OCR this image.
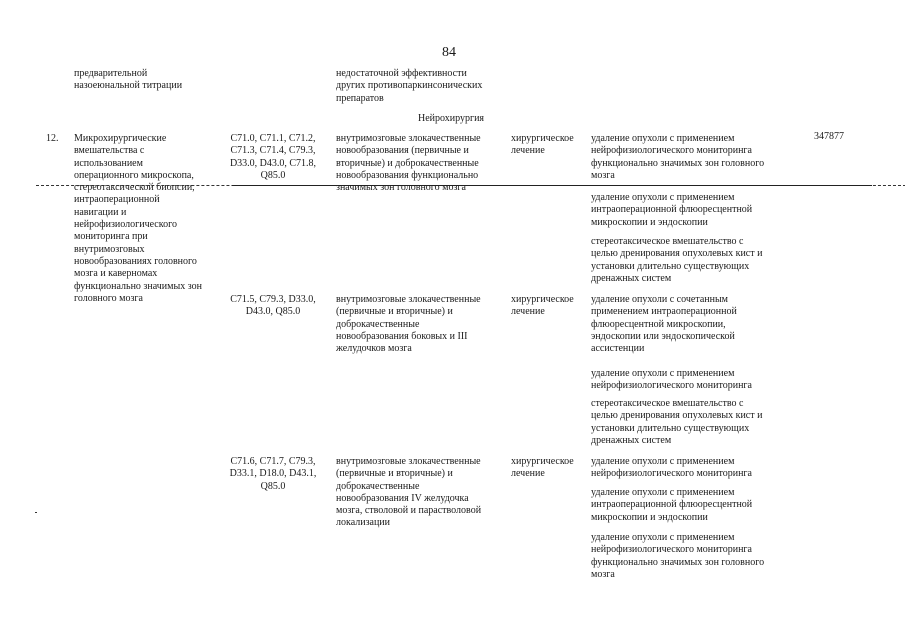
84
предварительной
назоеюнальной титрации
недостаточной эффективности
других противопаркинсонических
препаратов
Нейрохирургия
12. Микрохирургические
вмешательства с
использованием
операционного микроскопа,
стереотаксической биопсии,
интраоперационной
навигации и
нейрофизиологического
мониторинга при
внутримозговых
новообразованиях головного
мозга и каверномах
функционально значимых зон
головного мозга
347877
C71.0, C71.1, C71.2,
C71.3, C71.4, C79.3,
D33.0, D43.0, C71.8,
Q85.0
внутримозговые злокачественные
новообразования (первичные и
вторичные) и доброкачественные
новообразования функционально
значимых зон головного мозга
хирургическое
лечение
удаление опухоли с применением
нейрофизиологического мониторинга
функционально значимых зон головного
мозга
удаление опухоли с применением
интраоперационной флюоресцентной
микроскопии и эндоскопии
стереотаксическое вмешательство с
целью дренирования опухолевых кист и
установки длительно существующих
дренажных систем
C71.5, C79.3, D33.0,
D43.0, Q85.0
внутримозговые злокачественные
(первичные и вторичные) и
доброкачественные
новообразования боковых и III
желудочков мозга
хирургическое
лечение
удаление опухоли с сочетанным
применением интраоперационной
флюоресцентной микроскопии,
эндоскопии или эндоскопической
ассистенции
удаление опухоли с применением
нейрофизиологического мониторинга
стереотаксическое вмешательство с
целью дренирования опухолевых кист и
установки длительно существующих
дренажных систем
C71.6, C71.7, C79.3,
D33.1, D18.0, D43.1,
Q85.0
внутримозговые злокачественные
(первичные и вторичные) и
доброкачественные
новообразования IV желудочка
мозга, стволовой и парастволовой
локализации
хирургическое
лечение
удаление опухоли с применением
нейрофизиологического мониторинга
удаление опухоли с применением
интраоперационной флюоресцентной
микроскопии и эндоскопии
удаление опухоли с применением
нейрофизиологического мониторинга
функционально значимых зон головного
мозга
